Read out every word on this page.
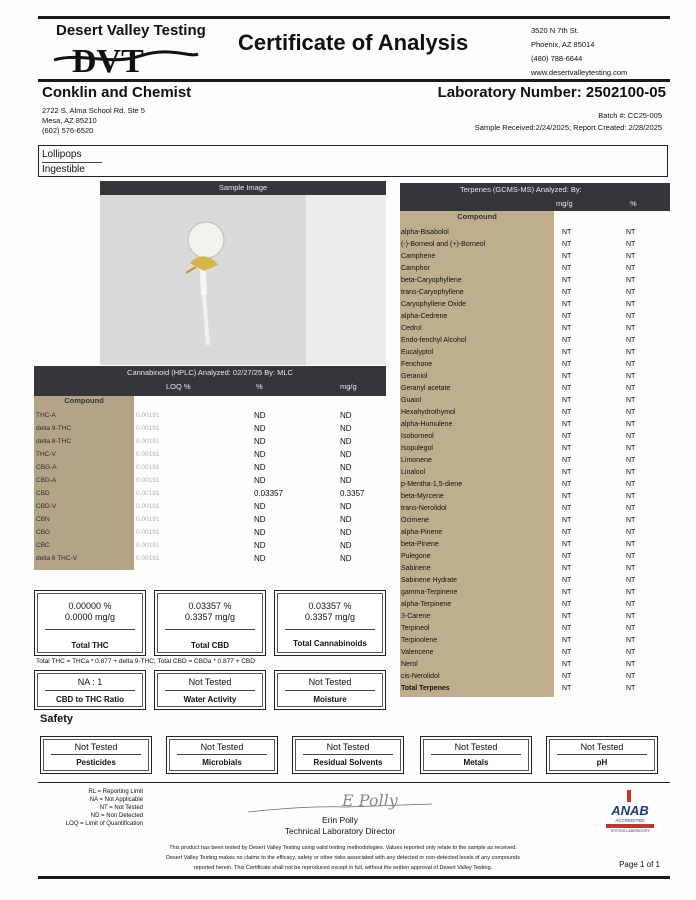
Desert Valley Testing
DVT
Certificate of Analysis	3520 N 7th St.
Phoenix, AZ 85014
(480) 788-6644
www.desertvalleytesting.com
Conklin and Chemist
2722 S. Alma School Rd. Ste 5
Mesa, AZ 85210
(602) 576-6520
Laboratory Number: 2502100-05
Batch #: CC25-005
Sample Received:2/24/2025; Report Created: 2/28/2025
Lollipops
Ingestible
Sample Image
Cannabinoid (HPLC) Analyzed: 02/27/25 By: MLC
LOQ %	%	mg/g
Compound
THC-A	0.00191	ND	ND
delta 9-THC	0.00191	ND	ND
delta 8-THC	0.00191	ND	ND
THC-V	0.00191	ND	ND
CBG-A	0.00191	ND	ND
CBD-A	0.00191	ND	ND
CBD	0.00191	0.03357	0.3357
CBD-V	0.00191	ND	ND
CBN	0.00191	ND	ND
CBG	0.00191	ND	ND
CBC	0.00191	ND	ND
delta 6 THC-V	0.00191	ND	ND
Terpenes (GCMS-MS) Analyzed: By:
mg/g	%
Compound
alpha-Bisabolol	NT	NT
(-)-Borneol and (+)-Borneol	NT	NT
Camphene	NT	NT
Camphor	NT	NT
beta-Caryophyllene	NT	NT
trans-Caryophyllene	NT	NT
Caryophyllene Oxide	NT	NT
alpha-Cedrene	NT	NT
Cedrol	NT	NT
Endo-fenchyl Alcohol	NT	NT
Eucalyptol	NT	NT
Fenchone	NT	NT
Geraniol	NT	NT
Geranyl acetate	NT	NT
Guaiol	NT	NT
Hexahydrothymol	NT	NT
alpha-Humulene	NT	NT
Isoborneol	NT	NT
Isopulegol	NT	NT
Limonene	NT	NT
Linalool	NT	NT
p-Mentha-1,5-diene	NT	NT
beta-Myrcene	NT	NT
trans-Nerolidol	NT	NT
Ocimene	NT	NT
alpha-Pinene	NT	NT
beta-Pinene	NT	NT
Pulegone	NT	NT
Sabinene	NT	NT
Sabinene Hydrate	NT	NT
gamma-Terpinene	NT	NT
alpha-Terpinene	NT	NT
3-Carene	NT	NT
Terpineol	NT	NT
Terpinolene	NT	NT
Valencene	NT	NT
Nerol	NT	NT
cis-Nerolidol	NT	NT
Total Terpenes	NT	NT
0.00000 %
0.0000 mg/g
Total THC
0.03357 %
0.3357 mg/g
Total CBD
0.03357 %
0.3357 mg/g
Total Cannabinoids
Total THC = THCa * 0.877 + delta 9-THC; Total CBD = CBDa * 0.877 + CBD
NA : 1
CBD to THC Ratio
Not Tested
Water Activity
Not Tested
Moisture
Safety
Not Tested
Pesticides
Not Tested
Microbials
Not Tested
Residual Solvents
Not Tested
Metals
Not Tested
pH
RL = Reporting Limit
NA = Not Applicable
NT = Not Tested
ND = Non Detected
LOQ = Limit of Quantification
E Polly
Erin Polly
Technical Laboratory Director
ANAB
ACCREDITED
TESTING LABORATORY
This product has been tested by Desert Valley Testing using valid testing methodologies. Values reported only relate to the sample as received.
Desert Valley Testing makes no claims to the efficacy, safety or other risks associated with any detected or non-detected levels of any compounds
reported herein. This Certificate shall not be reproduced except in full, without the written approval of Desert Valley Testing.	Page 1 of 1
